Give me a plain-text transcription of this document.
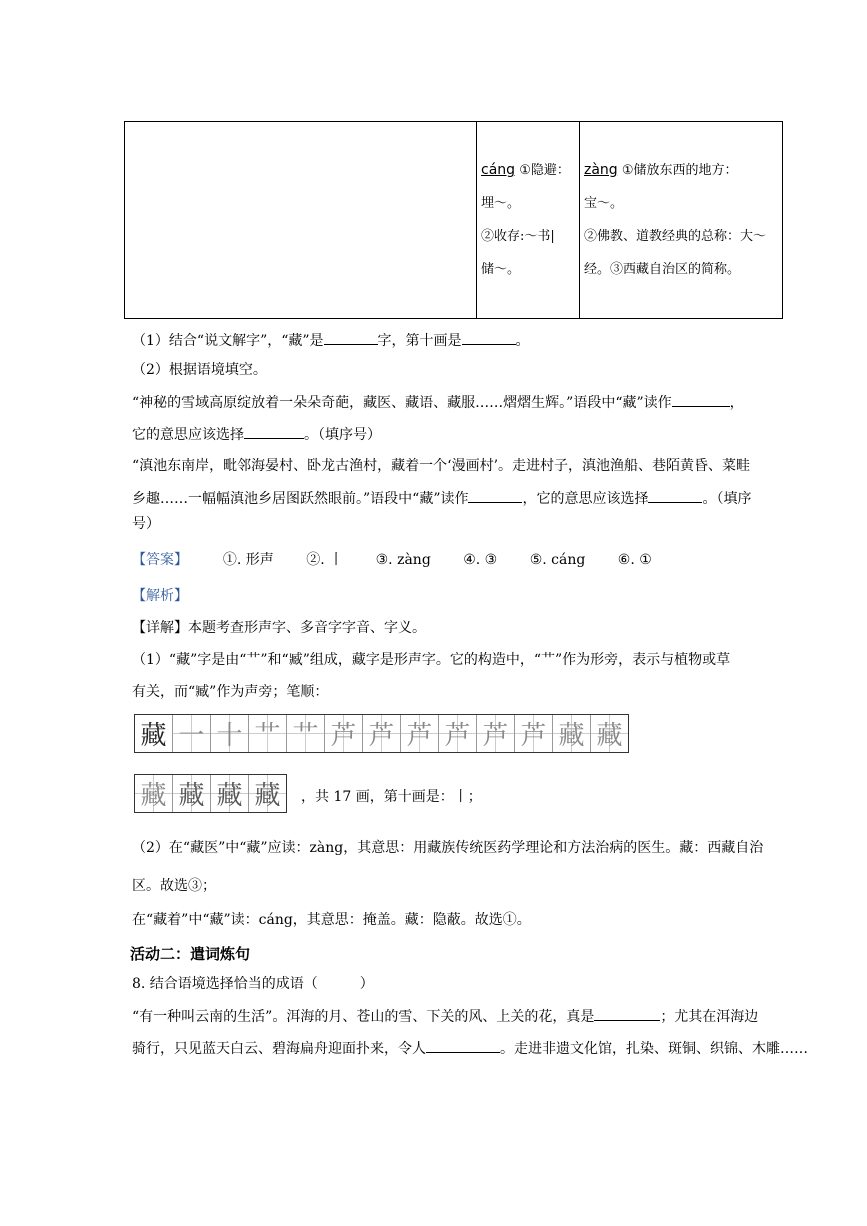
cáng ①隐避：
埋～。
②收存:～书|
储～。

zàng ①储放东西的地方：
宝～。
②佛教、道教经典的总称：大～
经。③西藏自治区的简称。
（1）结合“说文解字”，“藏”是	字，第十画是	。
（2）根据语境填空。
“神秘的雪域高原绽放着一朵朵奇葩，藏医、藏语、藏服……熠熠生辉。”语段中“藏”读作	，
它的意思应该选择	。（填序号）
“滇池东南岸，毗邻海晏村、卧龙古渔村，藏着一个‘漫画村’。走进村子，滇池渔船、巷陌黄昏、菜畦
乡趣……一幅幅滇池乡居图跃然眼前。”语段中“藏”读作	，它的意思应该选择	。（填序
号）
【答案】 ①. 形声 ②. 丨 ③. zàng ④. ③ ⑤. cáng ⑥. ①
【解析】
【详解】本题考查形声字、多音字字音、字义。
（1）“藏”字是由“艹”和“臧”组成，藏字是形声字。它的构造中，“艹”作为形旁，表示与植物或草
有关，而“臧”作为声旁；笔顺：
藏 一 十 艹 艹 芦 芦 芦 芦 芦 芦 藏 藏
藏 藏 藏 藏	，共 17 画，第十画是：丨；
（2）在“藏医”中“藏”应读：zàng，其意思：用藏族传统医药学理论和方法治病的医生。藏：西藏自治
区。故选③；
在“藏着”中“藏”读：cáng，其意思：掩盖。藏：隐蔽。故选①。
活动二：遣词炼句
8. 结合语境选择恰当的成语（　　　）
“有一种叫云南的生活”。洱海的月、苍山的雪、下关的风、上关的花，真是	；尤其在洱海边
骑行，只见蓝天白云、碧海扁舟迎面扑来，令人	。走进非遗文化馆，扎染、斑铜、织锦、木雕……
